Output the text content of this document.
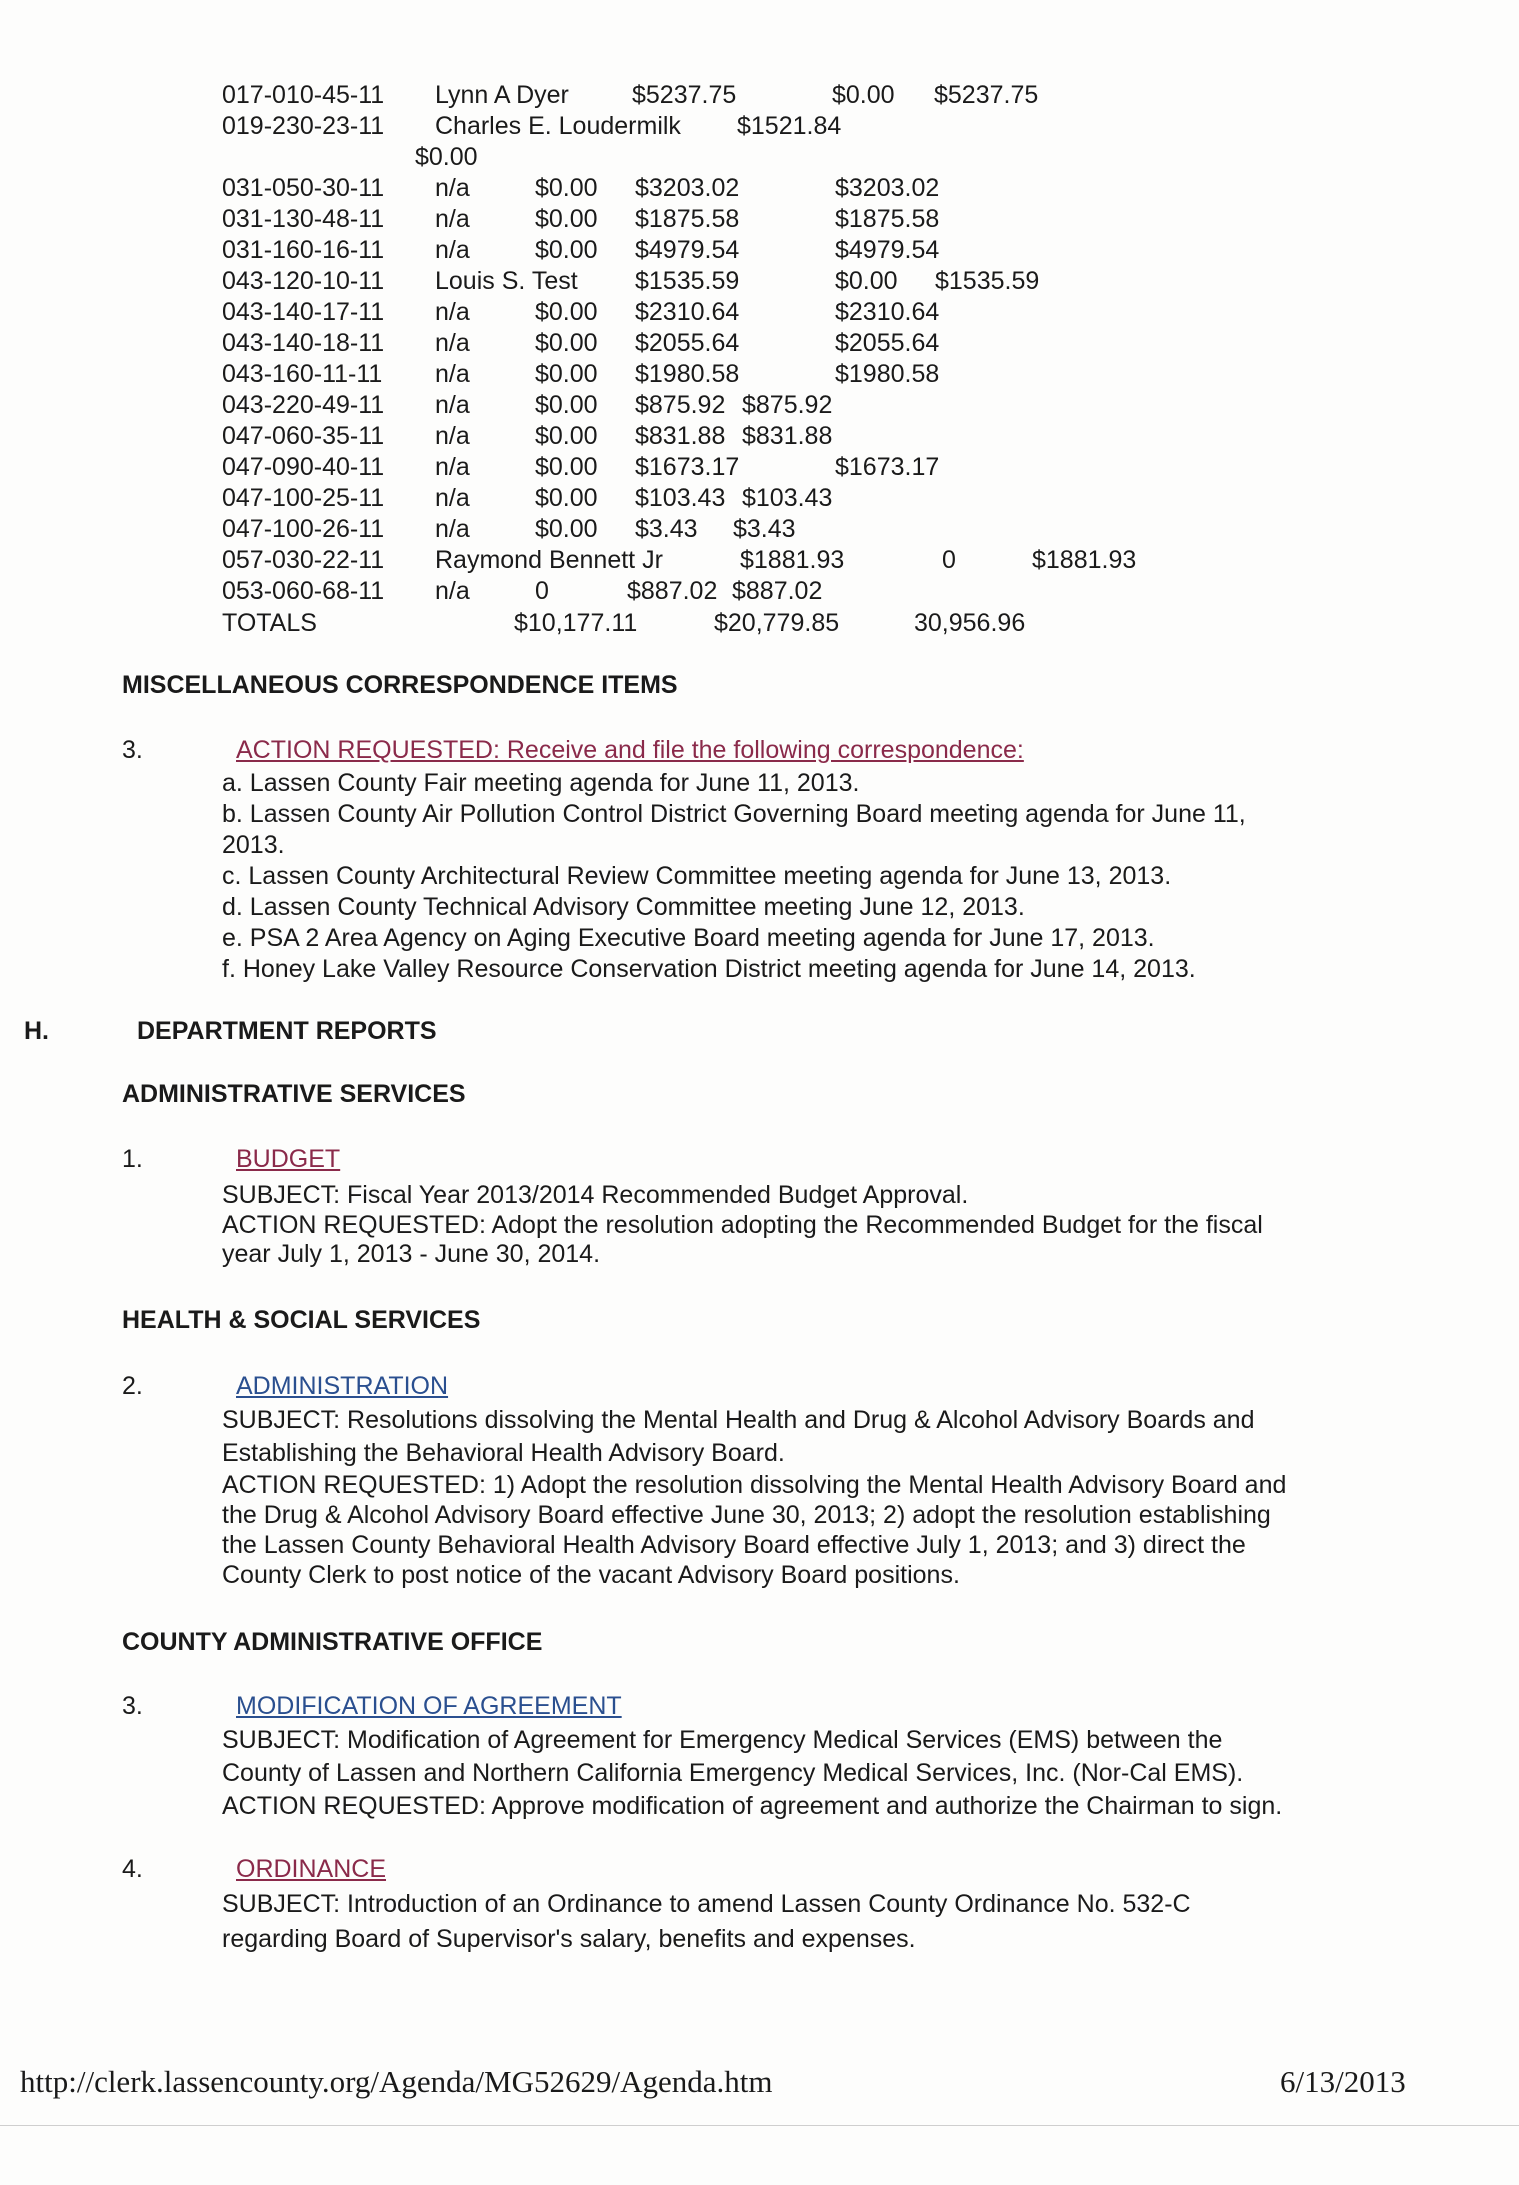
017-010-45-11 Lynn A Dyer	$5237.75	$0.00 $5237.75
019-230-23-11 Charles E. Loudermilk $1521.84
$0.00
031-050-30-11 n/a	$0.00 $3203.02	$3203.02
031-130-48-11 n/a	$0.00 $1875.58	$1875.58
031-160-16-11 n/a	$0.00 $4979.54	$4979.54
043-120-10-11 Louis S. Test $1535.59	$0.00 $1535.59
043-140-17-11 n/a	$0.00 $2310.64	$2310.64
043-140-18-11 n/a	$0.00 $2055.64	$2055.64
043-160-11-11 n/a	$0.00 $1980.58	$1980.58
043-220-49-11 n/a	$0.00 $875.92 $875.92
047-060-35-11 n/a	$0.00 $831.88 $831.88
047-090-40-11 n/a	$0.00 $1673.17	$1673.17
047-100-25-11 n/a	$0.00 $103.43 $103.43
047-100-26-11 n/a	$0.00 $3.43 $3.43
057-030-22-11 Raymond Bennett Jr	$1881.93	0	$1881.93
053-060-68-11 n/a	0	$887.02 $887.02
TOTALS	$10,177.11	$20,779.85	30,956.96
MISCELLANEOUS CORRESPONDENCE ITEMS
3.	ACTION REQUESTED: Receive and file the following correspondence:
a. Lassen County Fair meeting agenda for June 11, 2013.
b. Lassen County Air Pollution Control District Governing Board meeting agenda for June 11,
2013.
c. Lassen County Architectural Review Committee meeting agenda for June 13, 2013.
d. Lassen County Technical Advisory Committee meeting June 12, 2013.
e. PSA 2 Area Agency on Aging Executive Board meeting agenda for June 17, 2013.
f. Honey Lake Valley Resource Conservation District meeting agenda for June 14, 2013.
H.	DEPARTMENT REPORTS
ADMINISTRATIVE SERVICES
1.	BUDGET
SUBJECT: Fiscal Year 2013/2014 Recommended Budget Approval.
ACTION REQUESTED: Adopt the resolution adopting the Recommended Budget for the fiscal
year July 1, 2013 - June 30, 2014.
HEALTH & SOCIAL SERVICES
2.	ADMINISTRATION
SUBJECT: Resolutions dissolving the Mental Health and Drug & Alcohol Advisory Boards and
Establishing the Behavioral Health Advisory Board.
ACTION REQUESTED: 1) Adopt the resolution dissolving the Mental Health Advisory Board and
the Drug & Alcohol Advisory Board effective June 30, 2013; 2) adopt the resolution establishing
the Lassen County Behavioral Health Advisory Board effective July 1, 2013; and 3) direct the
County Clerk to post notice of the vacant Advisory Board positions.
COUNTY ADMINISTRATIVE OFFICE
3.	MODIFICATION OF AGREEMENT
SUBJECT: Modification of Agreement for Emergency Medical Services (EMS) between the
County of Lassen and Northern California Emergency Medical Services, Inc. (Nor-Cal EMS).
ACTION REQUESTED: Approve modification of agreement and authorize the Chairman to sign.
4.	ORDINANCE
SUBJECT: Introduction of an Ordinance to amend Lassen County Ordinance No. 532-C
regarding Board of Supervisor's salary, benefits and expenses.
http://clerk.lassencounty.org/Agenda/MG52629/Agenda.htm	6/13/2013
